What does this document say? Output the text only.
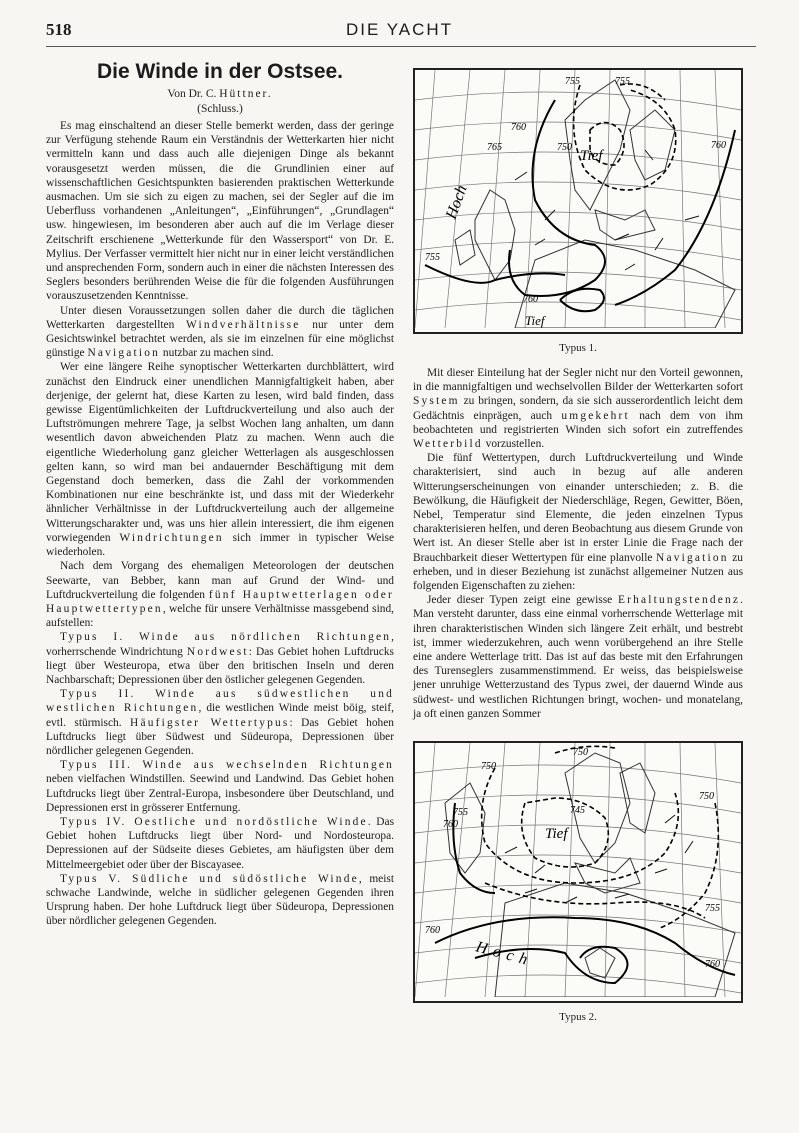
518	DIE YACHT
Die Winde in der Ostsee.
Von Dr. C. Hüttner.
(Schluss.)

Es mag einschaltend an dieser Stelle bemerkt werden, dass der geringe zur Verfügung stehende Raum ein Verständnis der Wetterkarten hier nicht vermitteln kann und dass auch alle diejenigen Dinge als bekannt vorausgesetzt werden müssen, die die Grundlinien einer auf wissenschaftlichen Gesichtspunkten basierenden praktischen Wetterkunde ausmachen. Um sie sich zu eigen zu machen, sei der Segler auf die im Ueberfluss vorhandenen „Anleitungen“, „Einführungen“, „Grundlagen“ usw. hingewiesen, im besonderen aber auch auf die im Verlage dieser Zeitschrift erschienene „Wetterkunde für den Wassersport“ von Dr. E. Mylius. Der Verfasser vermittelt hier nicht nur in einer leicht verständlichen und ansprechenden Form, sondern auch in einer die nächsten Interessen des Seglers besonders berührenden Weise die für die folgenden Ausführungen vorauszusetzenden Kenntnisse.

Unter diesen Voraussetzungen sollen daher die durch die täglichen Wetterkarten dargestellten Windverhältnisse nur unter dem Gesichtswinkel betrachtet werden, als sie im einzelnen für eine möglichst günstige Navigation nutzbar zu machen sind.

Wer eine längere Reihe synoptischer Wetterkarten durchblättert, wird zunächst den Eindruck einer unendlichen Mannigfaltigkeit haben, aber derjenige, der gelernt hat, diese Karten zu lesen, wird bald finden, dass gewisse Eigentümlichkeiten der Luftdruckverteilung und also auch der Luftströmungen mehrere Tage, ja selbst Wochen lang anhalten, um dann wesentlich davon abweichenden Platz zu machen. Wenn auch die eigentliche Wiederholung ganz gleicher Wetterlagen als ausgeschlossen gelten kann, so wird man bei andauernder Beschäftigung mit dem Gegenstand doch bemerken, dass die Zahl der vorkommenden Kombinationen nur eine beschränkte ist, und dass mit der Wiederkehr ähnlicher Verhältnisse in der Luftdruckverteilung auch der allgemeine Witterungscharakter und, was uns hier allein interessiert, die ihm eigenen vorwiegenden Windrichtungen sich immer in typischer Weise wiederholen.

Nach dem Vorgang des ehemaligen Meteorologen der deutschen Seewarte, van Bebber, kann man auf Grund der Wind- und Luftdruckverteilung die folgenden fünf Hauptwetterlagen oder Hauptwettertypen, welche für unsere Verhältnisse massgebend sind, aufstellen:

Typus I. Winde aus nördlichen Richtungen, vorherrschende Windrichtung Nordwest: Das Gebiet hohen Luftdrucks liegt über Westeuropa, etwa über den britischen Inseln und deren Nachbarschaft; Depressionen über den östlicher gelegenen Gegenden.

Typus II. Winde aus südwestlichen und westlichen Richtungen, die westlichen Winde meist böig, steif, evtl. stürmisch. Häufigster Wettertypus: Das Gebiet hohen Luftdrucks liegt über Südwest und Südeuropa, Depressionen über nördlicher gelegenen Gegenden.

Typus III. Winde aus wechselnden Richtungen neben vielfachen Windstillen. Seewind und Landwind. Das Gebiet hohen Luftdrucks liegt über Zentral-Europa, insbesondere über Deutschland, und Depressionen erst in grösserer Entfernung.

Typus IV. Oestliche und nordöstliche Winde. Das Gebiet hohen Luftdrucks liegt über Nord- und Nordosteuropa. Depressionen auf der Südseite dieses Gebietes, am häufigsten über dem Mittelmeergebiet oder über der Biscayasee.

Typus V. Südliche und südöstliche Winde, meist schwache Landwinde, welche in südlicher gelegenen Gegenden ihren Ursprung haben. Der hohe Luftdruck liegt über Südeuropa, Depressionen über nördlicher gelegenen Gegenden.

Hoch
Tief
Tief
755	755
760
760
760
765	750
755
Typus 1.

Mit dieser Einteilung hat der Segler nicht nur den Vorteil gewonnen, in die mannigfaltigen und wechselvollen Bilder der Wetterkarten sofort System zu bringen, sondern, da sie sich ausserordentlich leicht dem Gedächtnis einprägen, auch umgekehrt nach dem von ihm beobachteten und registrierten Winden sich sofort ein zutreffendes Wetterbild vorzustellen.

Die fünf Wettertypen, durch Luftdruckverteilung und Winde charakterisiert, sind auch in bezug auf alle anderen Witterungserscheinungen von einander unterschieden; z. B. die Bewölkung, die Häufigkeit der Niederschläge, Regen, Gewitter, Böen, Nebel, Temperatur sind Elemente, die jeden einzelnen Typus charakterisieren helfen, und deren Beobachtung aus diesem Grunde von Wert ist. An dieser Stelle aber ist in erster Linie die Frage nach der Brauchbarkeit dieser Wettertypen für eine planvolle Navigation zu erheben, und in dieser Beziehung ist zunächst allgemeiner Nutzen aus folgenden Eigenschaften zu ziehen:

Jeder dieser Typen zeigt eine gewisse Erhaltungstendenz. Man versteht darunter, dass eine einmal vorherrschende Wetterlage mit ihren charakteristischen Winden sich längere Zeit erhält, und bestrebt ist, immer wiederzukehren, auch wenn vorübergehend an ihre Stelle eine andere Wetterlage tritt. Das ist auf das beste mit den Erfahrungen des Turenseglers zusammenstimmend. Er weiss, das beispielsweise jener unruhige Wetterzustand des Typus zwei, der dauernd Winde aus südwest- und westlichen Richtungen bringt, wochen- und monatelang, ja oft einen ganzen Sommer

Hoch
Tief
750
750
750
745
755
755
760
760
760
Typus 2.
